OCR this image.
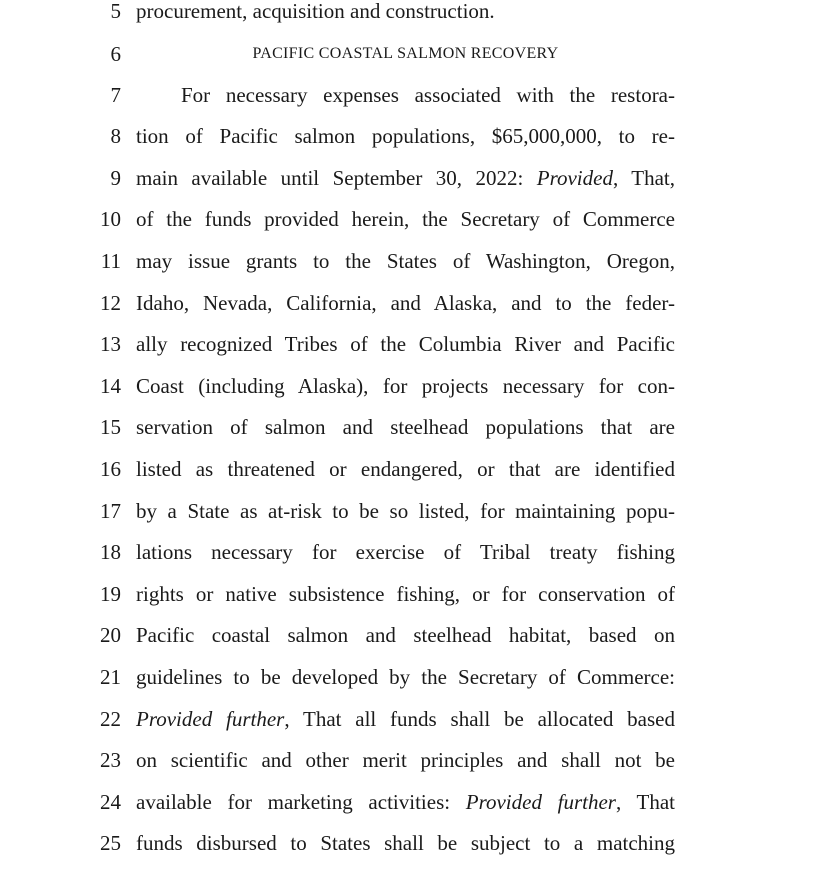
5 procurement, acquisition and construction.
6	PACIFIC COASTAL SALMON RECOVERY
7	For necessary expenses associated with the restora-
8 tion of Pacific salmon populations, $65,000,000, to re-
9 main available until September 30, 2022: Provided, That,
10 of the funds provided herein, the Secretary of Commerce
11 may issue grants to the States of Washington, Oregon,
12 Idaho, Nevada, California, and Alaska, and to the feder-
13 ally recognized Tribes of the Columbia River and Pacific
14 Coast (including Alaska), for projects necessary for con-
15 servation of salmon and steelhead populations that are
16 listed as threatened or endangered, or that are identified
17 by a State as at-risk to be so listed, for maintaining popu-
18 lations necessary for exercise of Tribal treaty fishing
19 rights or native subsistence fishing, or for conservation of
20 Pacific coastal salmon and steelhead habitat, based on
21 guidelines to be developed by the Secretary of Commerce:
22 Provided further, That all funds shall be allocated based
23 on scientific and other merit principles and shall not be
24 available for marketing activities: Provided further, That
25 funds disbursed to States shall be subject to a matching
